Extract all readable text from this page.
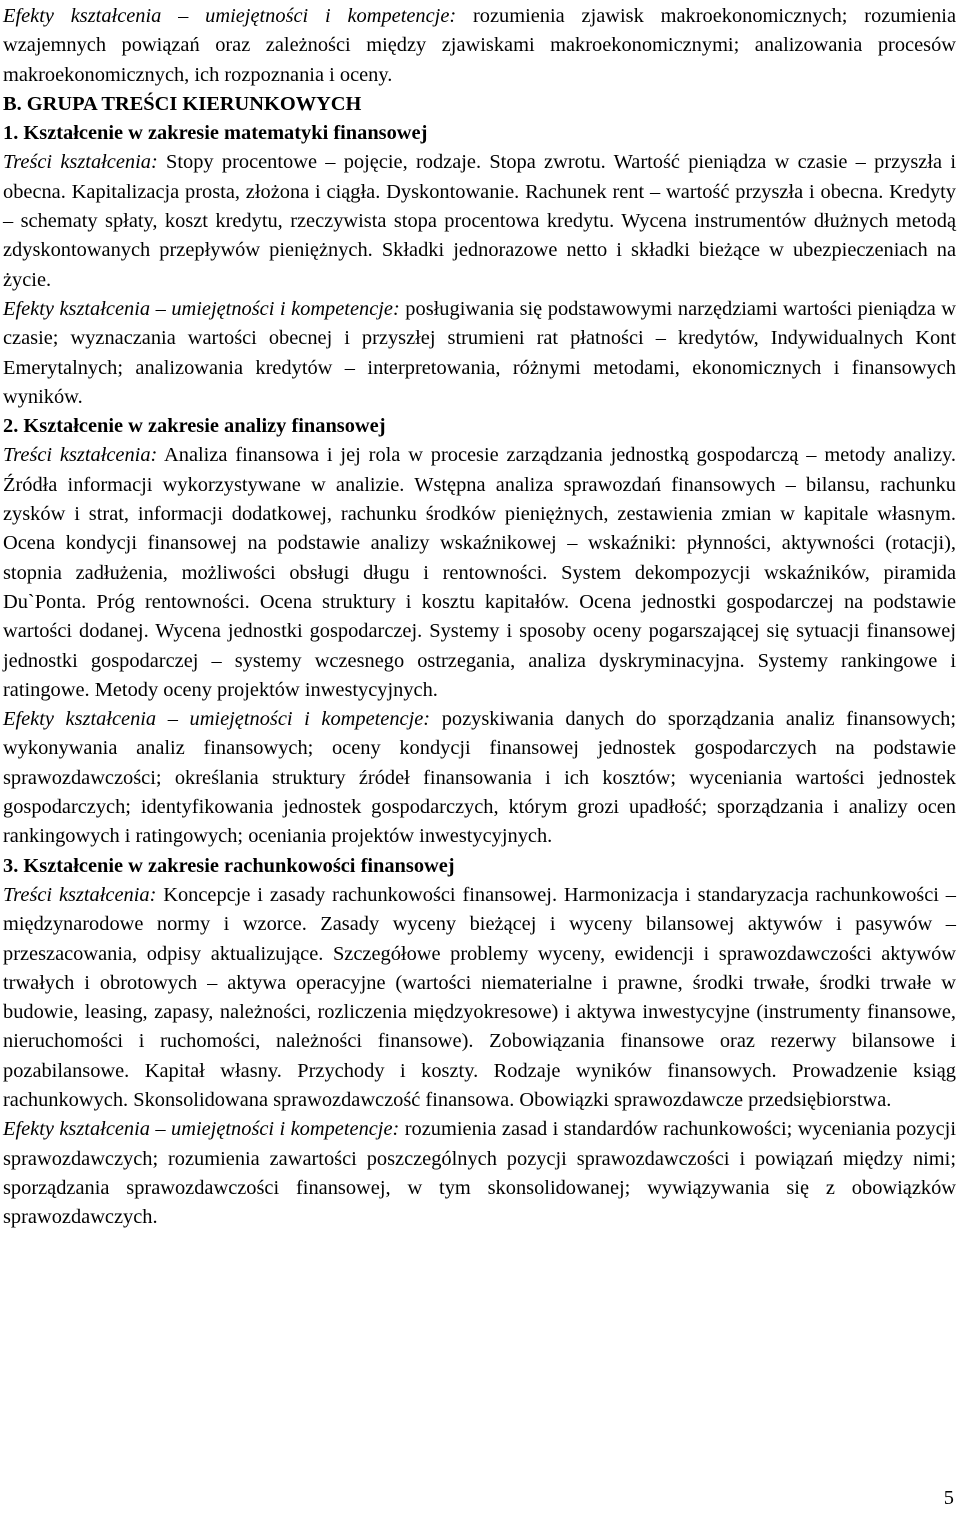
Efekty kształcenia – umiejętności i kompetencje: rozumienia zjawisk makroekonomicznych; rozumienia wzajemnych powiązań oraz zależności między zjawiskami makroekonomicznymi; analizowania procesów makroekonomicznych, ich rozpoznania i oceny.

B. GRUPA TREŚCI KIERUNKOWYCH
1. Kształcenie w zakresie matematyki finansowej

Treści kształcenia: Stopy procentowe – pojęcie, rodzaje. Stopa zwrotu. Wartość pieniądza w czasie – przyszła i obecna. Kapitalizacja prosta, złożona i ciągła. Dyskontowanie. Rachunek rent – wartość przyszła i obecna. Kredyty – schematy spłaty, koszt kredytu, rzeczywista stopa procentowa kredytu. Wycena instrumentów dłużnych metodą zdyskontowanych przepływów pieniężnych. Składki jednorazowe netto i składki bieżące w ubezpieczeniach na życie.

Efekty kształcenia – umiejętności i kompetencje: posługiwania się podstawowymi narzędziami wartości pieniądza w czasie; wyznaczania wartości obecnej i przyszłej strumieni rat płatności – kredytów, Indywidualnych Kont Emerytalnych; analizowania kredytów – interpretowania, różnymi metodami, ekonomicznych i finansowych wyników.

2. Kształcenie w zakresie analizy finansowej

Treści kształcenia: Analiza finansowa i jej rola w procesie zarządzania jednostką gospodarczą – metody analizy. Źródła informacji wykorzystywane w analizie. Wstępna analiza sprawozdań finansowych – bilansu, rachunku zysków i strat, informacji dodatkowej, rachunku środków pieniężnych, zestawienia zmian w kapitale własnym. Ocena kondycji finansowej na podstawie analizy wskaźnikowej – wskaźniki: płynności, aktywności (rotacji), stopnia zadłużenia, możliwości obsługi długu i rentowności. System dekompozycji wskaźników, piramida Du`Ponta. Próg rentowności. Ocena struktury i kosztu kapitałów. Ocena jednostki gospodarczej na podstawie wartości dodanej. Wycena jednostki gospodarczej. Systemy i sposoby oceny pogarszającej się sytuacji finansowej jednostki gospodarczej – systemy wczesnego ostrzegania, analiza dyskryminacyjna. Systemy rankingowe i ratingowe. Metody oceny projektów inwestycyjnych.

Efekty kształcenia – umiejętności i kompetencje: pozyskiwania danych do sporządzania analiz finansowych; wykonywania analiz finansowych; oceny kondycji finansowej jednostek gospodarczych na podstawie sprawozdawczości; określania struktury źródeł finansowania i ich kosztów; wyceniania wartości jednostek gospodarczych; identyfikowania jednostek gospodarczych, którym grozi upadłość; sporządzania i analizy ocen rankingowych i ratingowych; oceniania projektów inwestycyjnych.

3. Kształcenie w zakresie rachunkowości finansowej

Treści kształcenia: Koncepcje i zasady rachunkowości finansowej. Harmonizacja i standaryzacja rachunkowości – międzynarodowe normy i wzorce. Zasady wyceny bieżącej i wyceny bilansowej aktywów i pasywów – przeszacowania, odpisy aktualizujące. Szczegółowe problemy wyceny, ewidencji i sprawozdawczości aktywów trwałych i obrotowych – aktywa operacyjne (wartości niematerialne i prawne, środki trwałe, środki trwałe w budowie, leasing, zapasy, należności, rozliczenia międzyokresowe) i aktywa inwestycyjne (instrumenty finansowe, nieruchomości i ruchomości, należności finansowe). Zobowiązania finansowe oraz rezerwy bilansowe i pozabilansowe. Kapitał własny. Przychody i koszty. Rodzaje wyników finansowych. Prowadzenie ksiąg rachunkowych. Skonsolidowana sprawozdawczość finansowa. Obowiązki sprawozdawcze przedsiębiorstwa.

Efekty kształcenia – umiejętności i kompetencje: rozumienia zasad i standardów rachunkowości; wyceniania pozycji sprawozdawczych; rozumienia zawartości poszczególnych pozycji sprawozdawczości i powiązań między nimi; sporządzania sprawozdawczości finansowej, w tym skonsolidowanej; wywiązywania się z obowiązków sprawozdawczych.

5
